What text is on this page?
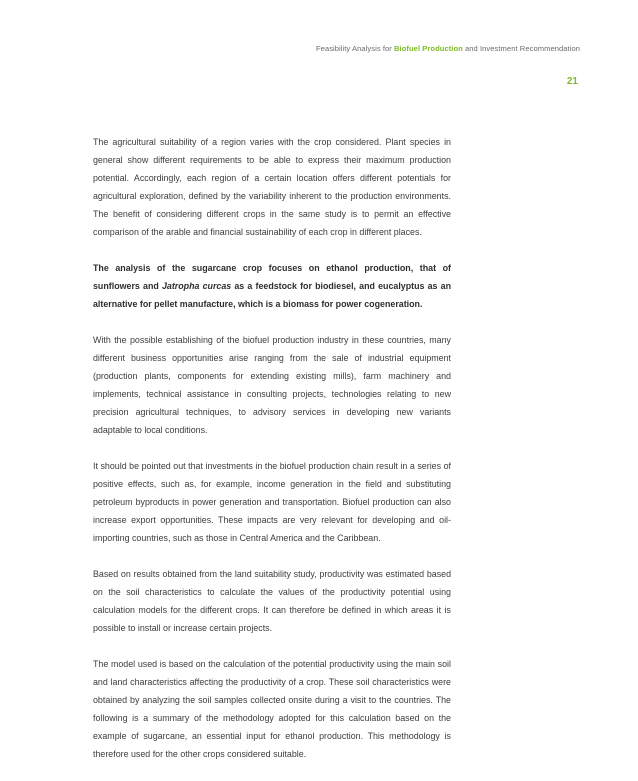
Feasibility Analysis for Biofuel Production and Investment Recommendation
21

The agricultural suitability of a region varies with the crop considered. Plant species in general show different requirements to be able to express their maximum production potential. Accordingly, each region of a certain location offers different potentials for agricultural exploration, defined by the variability inherent to the production environments. The benefit of considering different crops in the same study is to permit an effective comparison of the arable and financial sustainability of each crop in different places.

The analysis of the sugarcane crop focuses on ethanol production, that of sunflowers and Jatropha curcas as a feedstock for biodiesel, and eucalyptus as an alternative for pellet manufacture, which is a biomass for power cogeneration.

With the possible establishing of the biofuel production industry in these countries, many different business opportunities arise ranging from the sale of industrial equipment (production plants, components for extending existing mills), farm machinery and implements, technical assistance in consulting projects, technologies relating to new precision agricultural techniques, to advisory services in developing new variants adaptable to local conditions.

It should be pointed out that investments in the biofuel production chain result in a series of positive effects, such as, for example, income generation in the field and substituting petroleum byproducts in power generation and transportation. Biofuel production can also increase export opportunities. These impacts are very relevant for developing and oil-importing countries, such as those in Central America and the Caribbean.

Based on results obtained from the land suitability study, productivity was estimated based on the soil characteristics to calculate the values of the productivity potential using calculation models for the different crops. It can therefore be defined in which areas it is possible to install or increase certain projects.

The model used is based on the calculation of the potential productivity using the main soil and land characteristics affecting the productivity of a crop. These soil characteristics were obtained by analyzing the soil samples collected onsite during a visit to the countries. The following is a summary of the methodology adopted for this calculation based on the example of sugarcane, an essential input for ethanol production. This methodology is therefore used for the other crops considered suitable.
